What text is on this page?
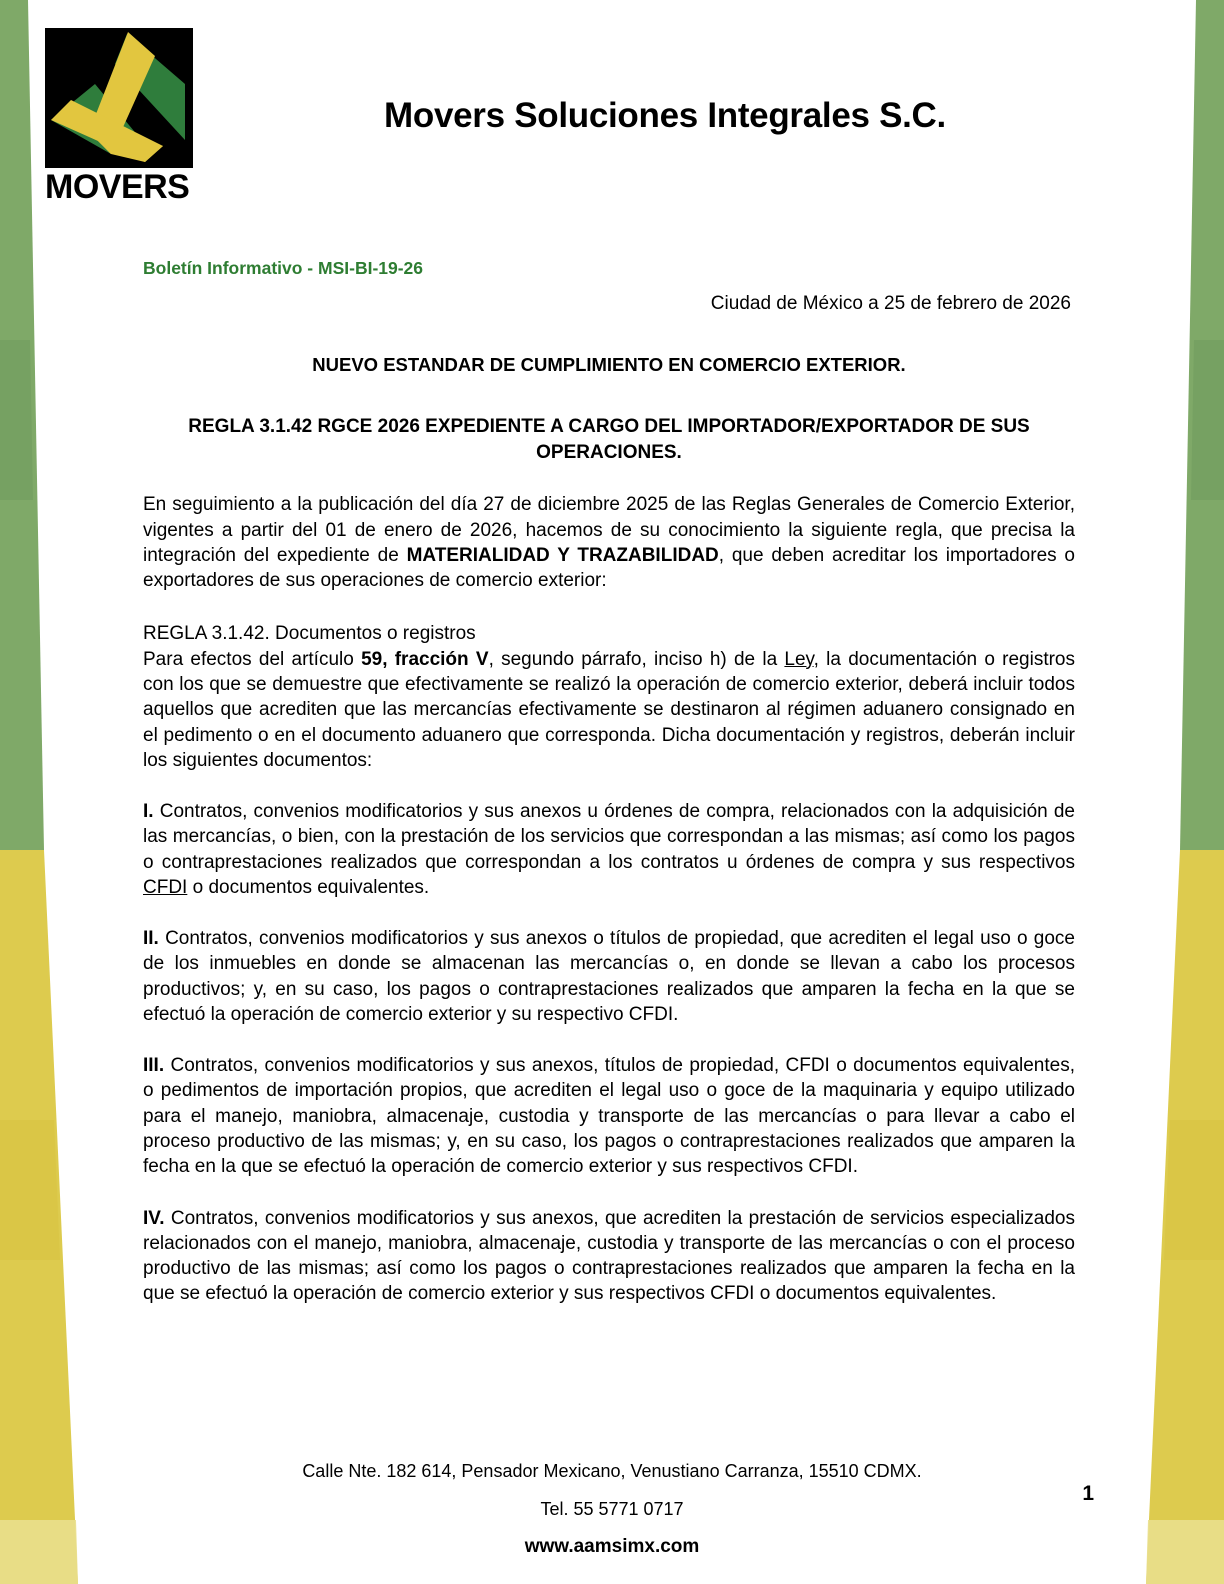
MOVERS
Movers Soluciones Integrales S.C.

Boletín Informativo - MSI-BI-19-26

Ciudad de México a 25 de febrero de 2026

NUEVO ESTANDAR DE CUMPLIMIENTO EN COMERCIO EXTERIOR.

REGLA 3.1.42 RGCE 2026 EXPEDIENTE A CARGO DEL IMPORTADOR/EXPORTADOR DE SUS OPERACIONES.

En seguimiento a la publicación del día 27 de diciembre 2025 de las Reglas Generales de Comercio Exterior, vigentes a partir del 01 de enero de 2026, hacemos de su conocimiento la siguiente regla, que precisa la integración del expediente de MATERIALIDAD Y TRAZABILIDAD, que deben acreditar los importadores o exportadores de sus operaciones de comercio exterior:

REGLA 3.1.42. Documentos o registros

Para efectos del artículo 59, fracción V, segundo párrafo, inciso h) de la Ley, la documentación o registros con los que se demuestre que efectivamente se realizó la operación de comercio exterior, deberá incluir todos aquellos que acrediten que las mercancías efectivamente se destinaron al régimen aduanero consignado en el pedimento o en el documento aduanero que corresponda. Dicha documentación y registros, deberán incluir los siguientes documentos:

I. Contratos, convenios modificatorios y sus anexos u órdenes de compra, relacionados con la adquisición de las mercancías, o bien, con la prestación de los servicios que correspondan a las mismas; así como los pagos o contraprestaciones realizados que correspondan a los contratos u órdenes de compra y sus respectivos CFDI o documentos equivalentes.

II. Contratos, convenios modificatorios y sus anexos o títulos de propiedad, que acrediten el legal uso o goce de los inmuebles en donde se almacenan las mercancías o, en donde se llevan a cabo los procesos productivos; y, en su caso, los pagos o contraprestaciones realizados que amparen la fecha en la que se efectuó la operación de comercio exterior y su respectivo CFDI.

III. Contratos, convenios modificatorios y sus anexos, títulos de propiedad, CFDI o documentos equivalentes, o pedimentos de importación propios, que acrediten el legal uso o goce de la maquinaria y equipo utilizado para el manejo, maniobra, almacenaje, custodia y transporte de las mercancías o para llevar a cabo el proceso productivo de las mismas; y, en su caso, los pagos o contraprestaciones realizados que amparen la fecha en la que se efectuó la operación de comercio exterior y sus respectivos CFDI.

IV. Contratos, convenios modificatorios y sus anexos, que acrediten la prestación de servicios especializados relacionados con el manejo, maniobra, almacenaje, custodia y transporte de las mercancías o con el proceso productivo de las mismas; así como los pagos o contraprestaciones realizados que amparen la fecha en la que se efectuó la operación de comercio exterior y sus respectivos CFDI o documentos equivalentes.

Calle Nte. 182 614, Pensador Mexicano, Venustiano Carranza, 15510 CDMX.

Tel. 55 5771 0717

www.aamsimx.com

1
